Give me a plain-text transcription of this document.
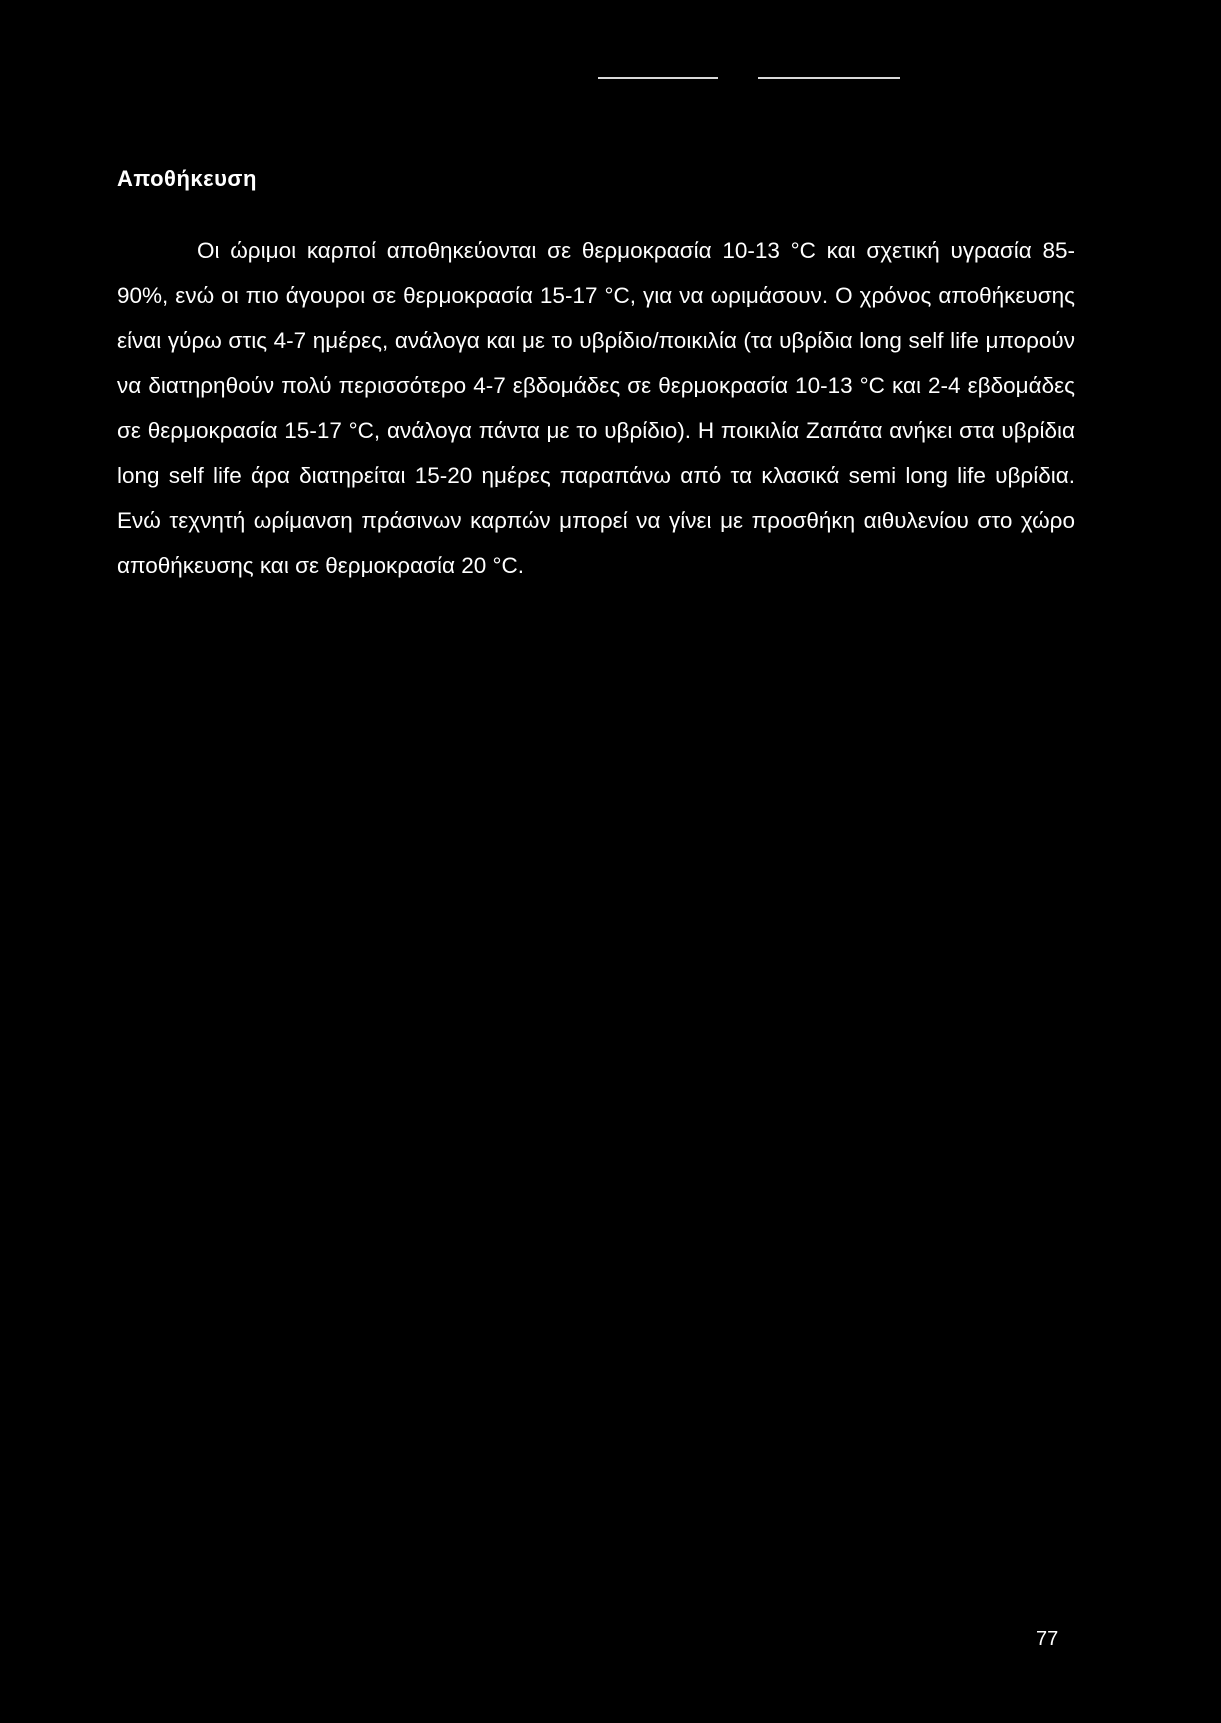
Αποθήκευση

Οι ώριμοι καρποί αποθηκεύονται σε θερμοκρασία 10-13 °C και σχετική υγρασία 85-90%, ενώ οι πιο άγουροι σε θερμοκρασία 15-17 °C, για να ωριμάσουν. Ο χρόνος αποθήκευσης είναι γύρω στις 4-7 ημέρες, ανάλογα και με το υβρίδιο/ποικιλία (τα υβρίδια long self life μπορούν να διατηρηθούν πολύ περισσότερο 4-7 εβδομάδες σε θερμοκρασία 10-13 °C και 2-4 εβδομάδες σε θερμοκρασία 15-17 °C, ανάλογα πάντα με το υβρίδιο). Η ποικιλία Ζαπάτα ανήκει στα υβρίδια long self life άρα διατηρείται 15-20 ημέρες παραπάνω από τα κλασικά semi long life υβρίδια. Ενώ τεχνητή ωρίμανση πράσινων καρπών μπορεί να γίνει με προσθήκη αιθυλενίου στο χώρο αποθήκευσης και σε θερμοκρασία 20 °C.

77
